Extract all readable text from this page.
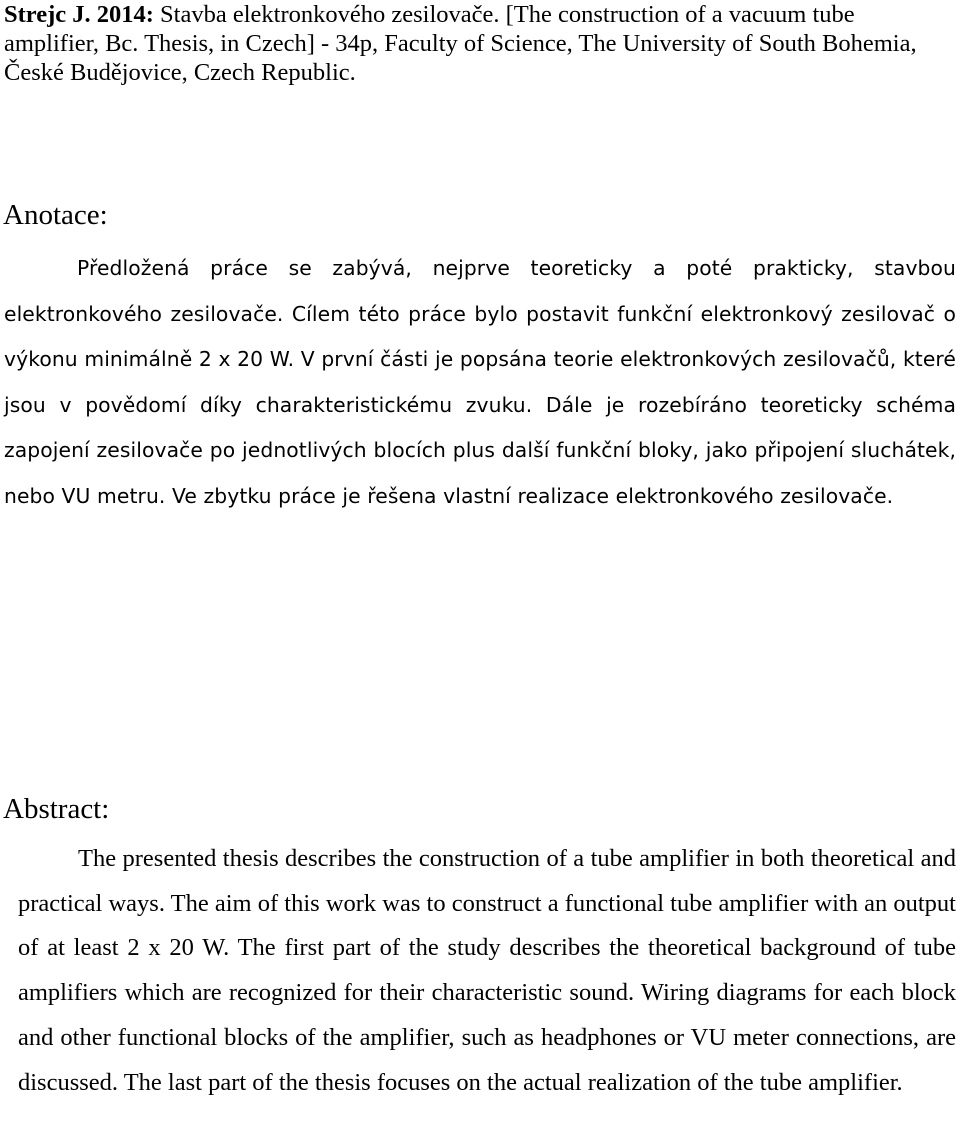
Strejc J. 2014: Stavba elektronkového zesilovače. [The construction of a vacuum tube amplifier, Bc. Thesis, in Czech] - 34p, Faculty of Science, The University of South Bohemia, České Budějovice, Czech Republic.

Anotace:

Předložená práce se zabývá, nejprve teoreticky a poté prakticky, stavbou elektronkového zesilovače. Cílem této práce bylo postavit funkční elektronkový zesilovač o výkonu minimálně 2 x 20 W. V první části je popsána teorie elektronkových zesilovačů, které jsou v povědomí díky charakteristickému zvuku. Dále je rozebíráno teoreticky schéma zapojení zesilovače po jednotlivých blocích plus další funkční bloky, jako připojení sluchátek, nebo VU metru. Ve zbytku práce je řešena vlastní realizace elektronkového zesilovače.

Abstract:

The presented thesis describes the construction of a tube amplifier in both theoretical and practical ways. The aim of this work was to construct a functional tube amplifier with an output of at least 2 x 20 W. The first part of the study describes the theoretical background of tube amplifiers which are recognized for their characteristic sound. Wiring diagrams for each block and other functional blocks of the amplifier, such as headphones or VU meter connections, are discussed. The last part of the thesis focuses on the actual realization of the tube amplifier.
